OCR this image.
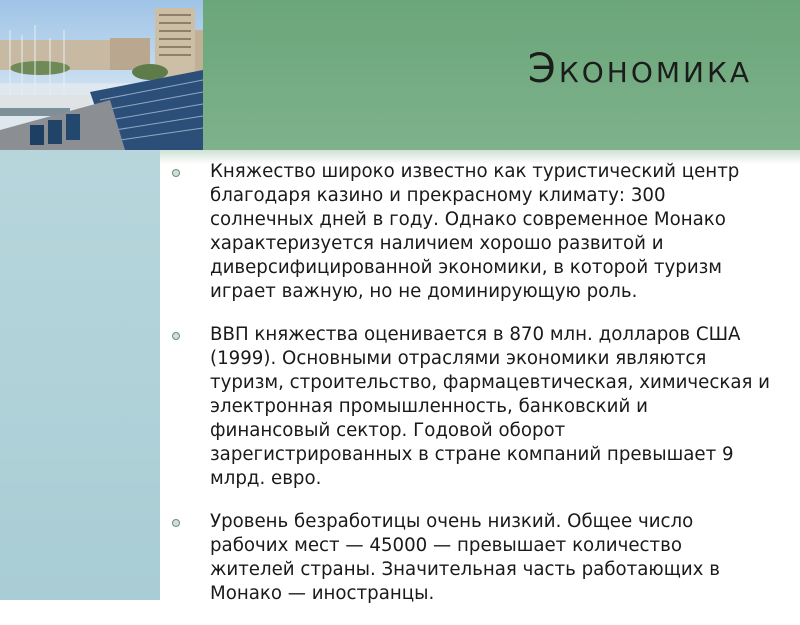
Экономика
Княжество широко известно как туристический центр благодаря казино и прекрасному климату: 300 солнечных дней в году. Однако современное Монако характеризуется наличием хорошо развитой и диверсифицированной экономики, в которой туризм играет важную, но не доминирующую роль.
ВВП княжества оценивается в 870 млн. долларов США (1999). Основными отраслями экономики являются туризм, строительство, фармацевтическая, химическая и электронная промышленность, банковский и финансовый сектор. Годовой оборот зарегистрированных в стране компаний превышает 9 млрд. евро.
Уровень безработицы очень низкий. Общее число рабочих мест — 45000 — превышает количество жителей страны. Значительная часть работающих в Монако — иностранцы.
